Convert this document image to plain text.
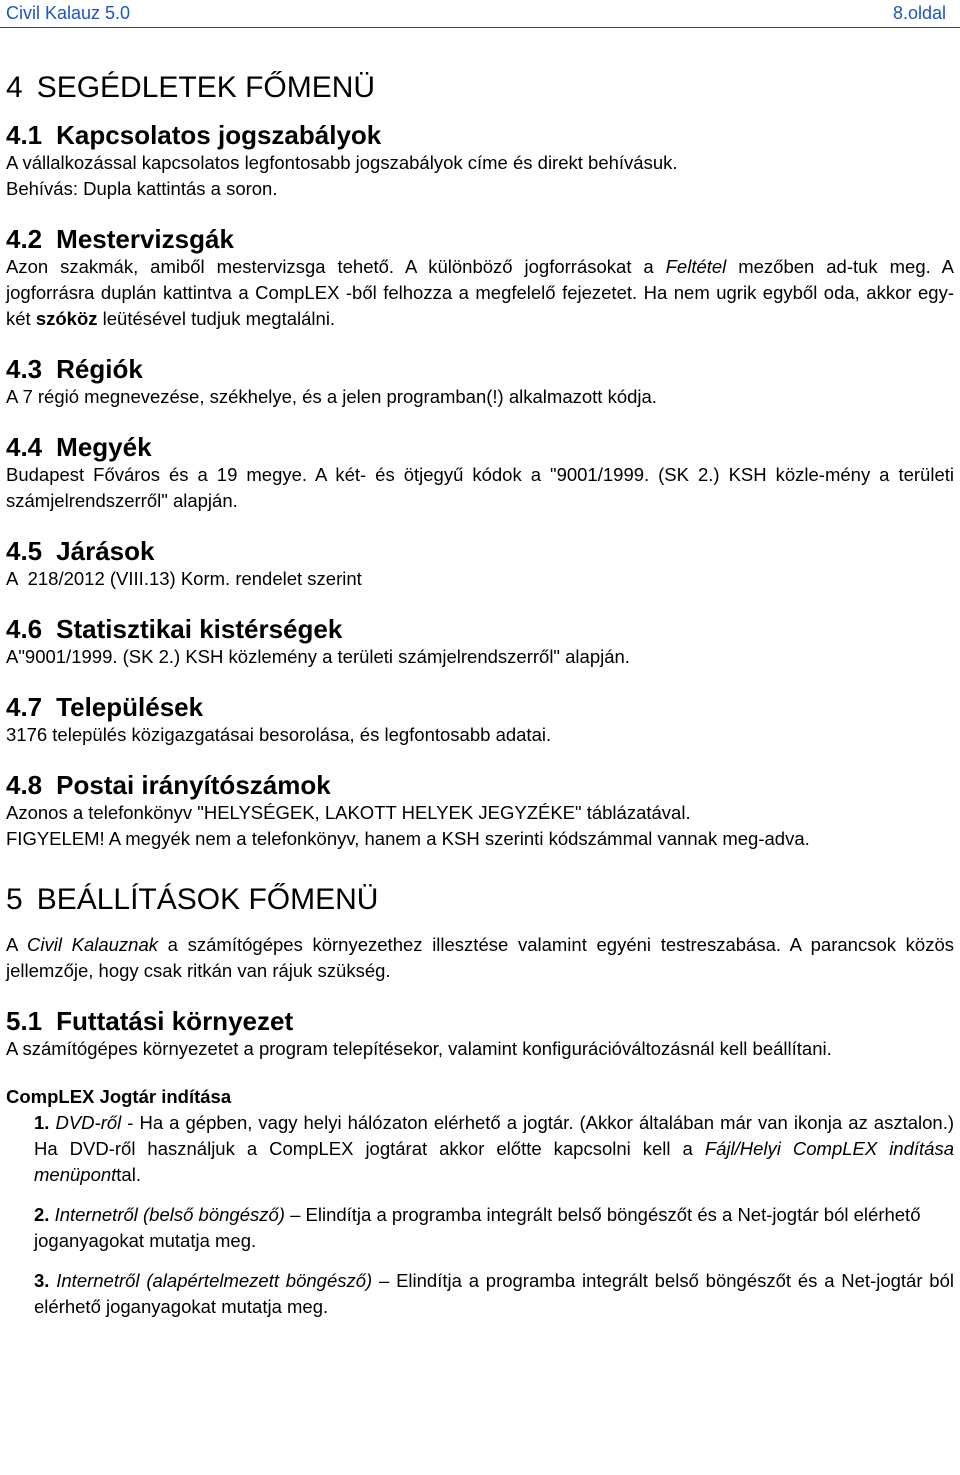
Civil Kalauz 5.0	8.oldal
4 SEGÉDLETEK FŐMENÜ
4.1 Kapcsolatos jogszabályok

A vállalkozással kapcsolatos legfontosabb jogszabályok címe és direkt behívásuk.

Behívás: Dupla kattintás a soron.

4.2 Mestervizsgák

Azon szakmák, amiből mestervizsga tehető. A különböző jogforrásokat a Feltétel mezőben ad-tuk meg. A jogforrásra duplán kattintva a CompLEX -ből felhozza a megfelelő fejezetet. Ha nem ugrik egyből oda, akkor egy-két szóköz leütésével tudjuk megtalálni.

4.3 Régiók

A 7 régió megnevezése, székhelye, és a jelen programban(!) alkalmazott kódja.

4.4 Megyék

Budapest Főváros és a 19 megye. A két- és ötjegyű kódok a "9001/1999. (SK 2.) KSH közle-mény a területi számjelrendszerről" alapján.

4.5 Járások

A  218/2012 (VIII.13) Korm. rendelet szerint

4.6 Statisztikai kistérségek

A"9001/1999. (SK 2.) KSH közlemény a területi számjelrendszerről" alapján.

4.7 Települések

3176 település közigazgatásai besorolása, és legfontosabb adatai.

4.8 Postai irányítószámok

Azonos a telefonkönyv "HELYSÉGEK, LAKOTT HELYEK JEGYZÉKE" táblázatával.

FIGYELEM! A megyék nem a telefonkönyv, hanem a KSH szerinti kódszámmal vannak meg-adva.

5 BEÁLLÍTÁSOK FŐMENÜ

A Civil Kalauznak a számítógépes környezethez illesztése valamint egyéni testreszabása. A parancsok közös jellemzője, hogy csak ritkán van rájuk szükség.

5.1 Futtatási környezet

A számítógépes környezetet a program telepítésekor, valamint konfigurációváltozásnál kell beállítani.

CompLEX Jogtár indítása

1. DVD-ről - Ha a gépben, vagy helyi hálózaton elérhető a jogtár. (Akkor általában már van ikonja az asztalon.) Ha DVD-ről használjuk a CompLEX jogtárat akkor előtte kapcsolni kell a Fájl/Helyi CompLEX indítása menüponttal.

2. Internetről (belső böngésző) – Elindítja a programba integrált belső böngészőt és a Net-jogtár ból elérhető joganyagokat mutatja meg.

3. Internetről (alapértelmezett böngésző) – Elindítja a programba integrált belső böngészőt és a Net-jogtár ból elérhető joganyagokat mutatja meg.
